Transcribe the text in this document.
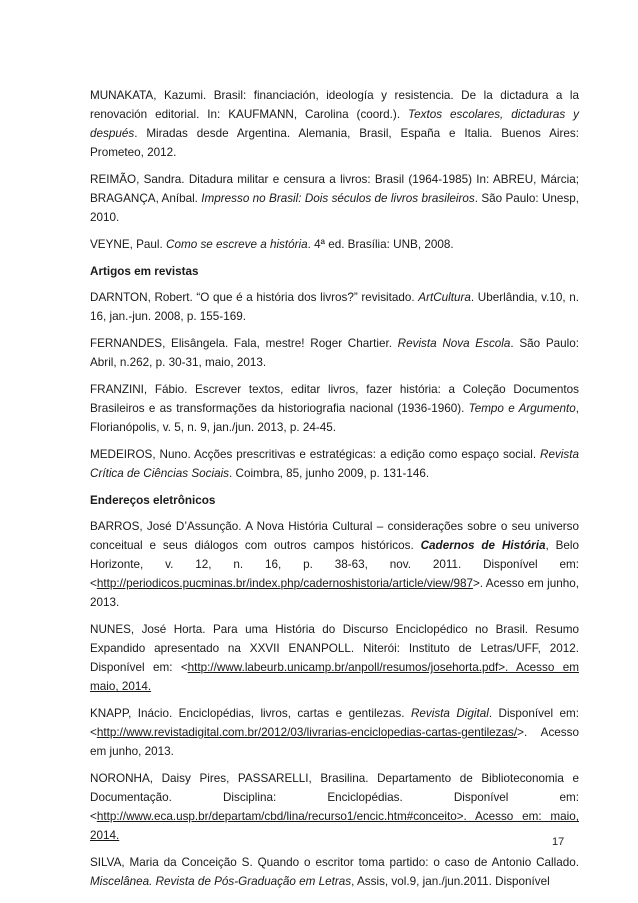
MUNAKATA, Kazumi. Brasil: financiación, ideología y resistencia. De la dictadura a la renovación editorial. In: KAUFMANN, Carolina (coord.). Textos escolares, dictaduras y después. Miradas desde Argentina. Alemania, Brasil, España e Italia. Buenos Aires: Prometeo, 2012.

REIMÃO, Sandra. Ditadura militar e censura a livros: Brasil (1964-1985) In: ABREU, Márcia; BRAGANÇA, Aníbal. Impresso no Brasil: Dois séculos de livros brasileiros. São Paulo: Unesp, 2010.

VEYNE, Paul. Como se escreve a história. 4ª ed. Brasília: UNB, 2008.

Artigos em revistas

DARNTON, Robert. “O que é a história dos livros?” revisitado. ArtCultura. Uberlândia, v.10, n. 16, jan.-jun. 2008, p. 155-169.

FERNANDES, Elisângela. Fala, mestre! Roger Chartier. Revista Nova Escola. São Paulo: Abril, n.262, p. 30-31, maio, 2013.

FRANZINI, Fábio. Escrever textos, editar livros, fazer história: a Coleção Documentos Brasileiros e as transformações da historiografia nacional (1936-1960). Tempo e Argumento, Florianópolis, v. 5, n. 9, jan./jun. 2013, p. 24-45.

MEDEIROS, Nuno. Acções prescritivas e estratégicas: a edição como espaço social. Revista Crítica de Ciências Sociais. Coimbra, 85, junho 2009, p. 131-146.

Endereços eletrônicos

BARROS, José D’Assunção. A Nova História Cultural – considerações sobre o seu universo conceitual e seus diálogos com outros campos históricos. Cadernos de História, Belo Horizonte, v. 12, n. 16, p. 38-63, nov. 2011. Disponível em: <http://periodicos.pucminas.br/index.php/cadernoshistoria/article/view/987>. Acesso em junho, 2013.

NUNES, José Horta. Para uma História do Discurso Enciclopédico no Brasil. Resumo Expandido apresentado na XXVII ENANPOLL. Niterói: Instituto de Letras/UFF, 2012. Disponível em: <http://www.labeurb.unicamp.br/anpoll/resumos/josehorta.pdf>. Acesso em maio, 2014.

KNAPP, Inácio. Enciclopédias, livros, cartas e gentilezas. Revista Digital. Disponível em: <http://www.revistadigital.com.br/2012/03/livrarias-enciclopedias-cartas-gentilezas/>. Acesso em junho, 2013.

NORONHA, Daisy Pires, PASSARELLI, Brasilina. Departamento de Biblioteconomia e Documentação. Disciplina: Enciclopédias. Disponível em: <http://www.eca.usp.br/departam/cbd/lina/recurso1/encic.htm#conceito>. Acesso em: maio, 2014.

SILVA, Maria da Conceição S. Quando o escritor toma partido: o caso de Antonio Callado. Miscelânea. Revista de Pós-Graduação em Letras, Assis, vol.9, jan./jun.2011. Disponível

17
